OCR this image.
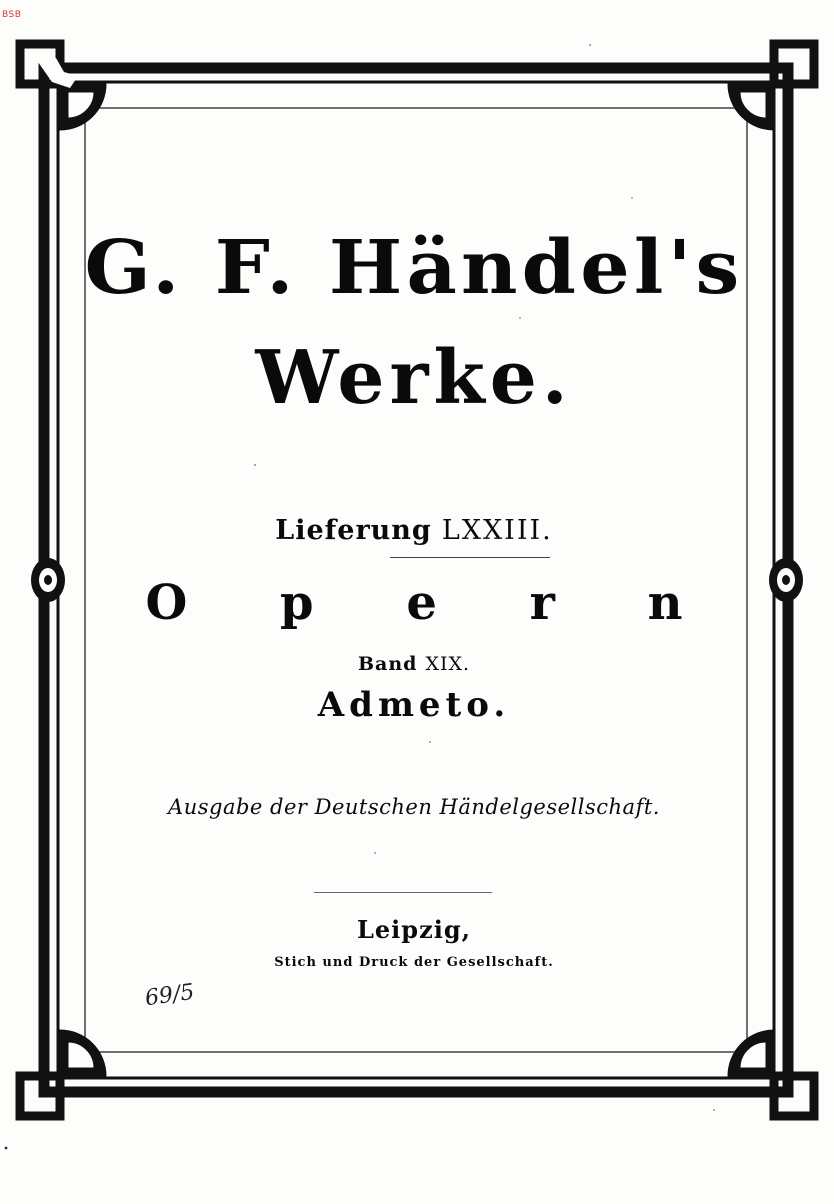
BSB
G. F. Händel's
Werke.
Lieferung LXXIII.
O p e r n
Band XIX.
Admeto.
Ausgabe der Deutschen Händelgesellschaft.
Leipzig,
Stich und Druck der Gesellschaft.
69/5
